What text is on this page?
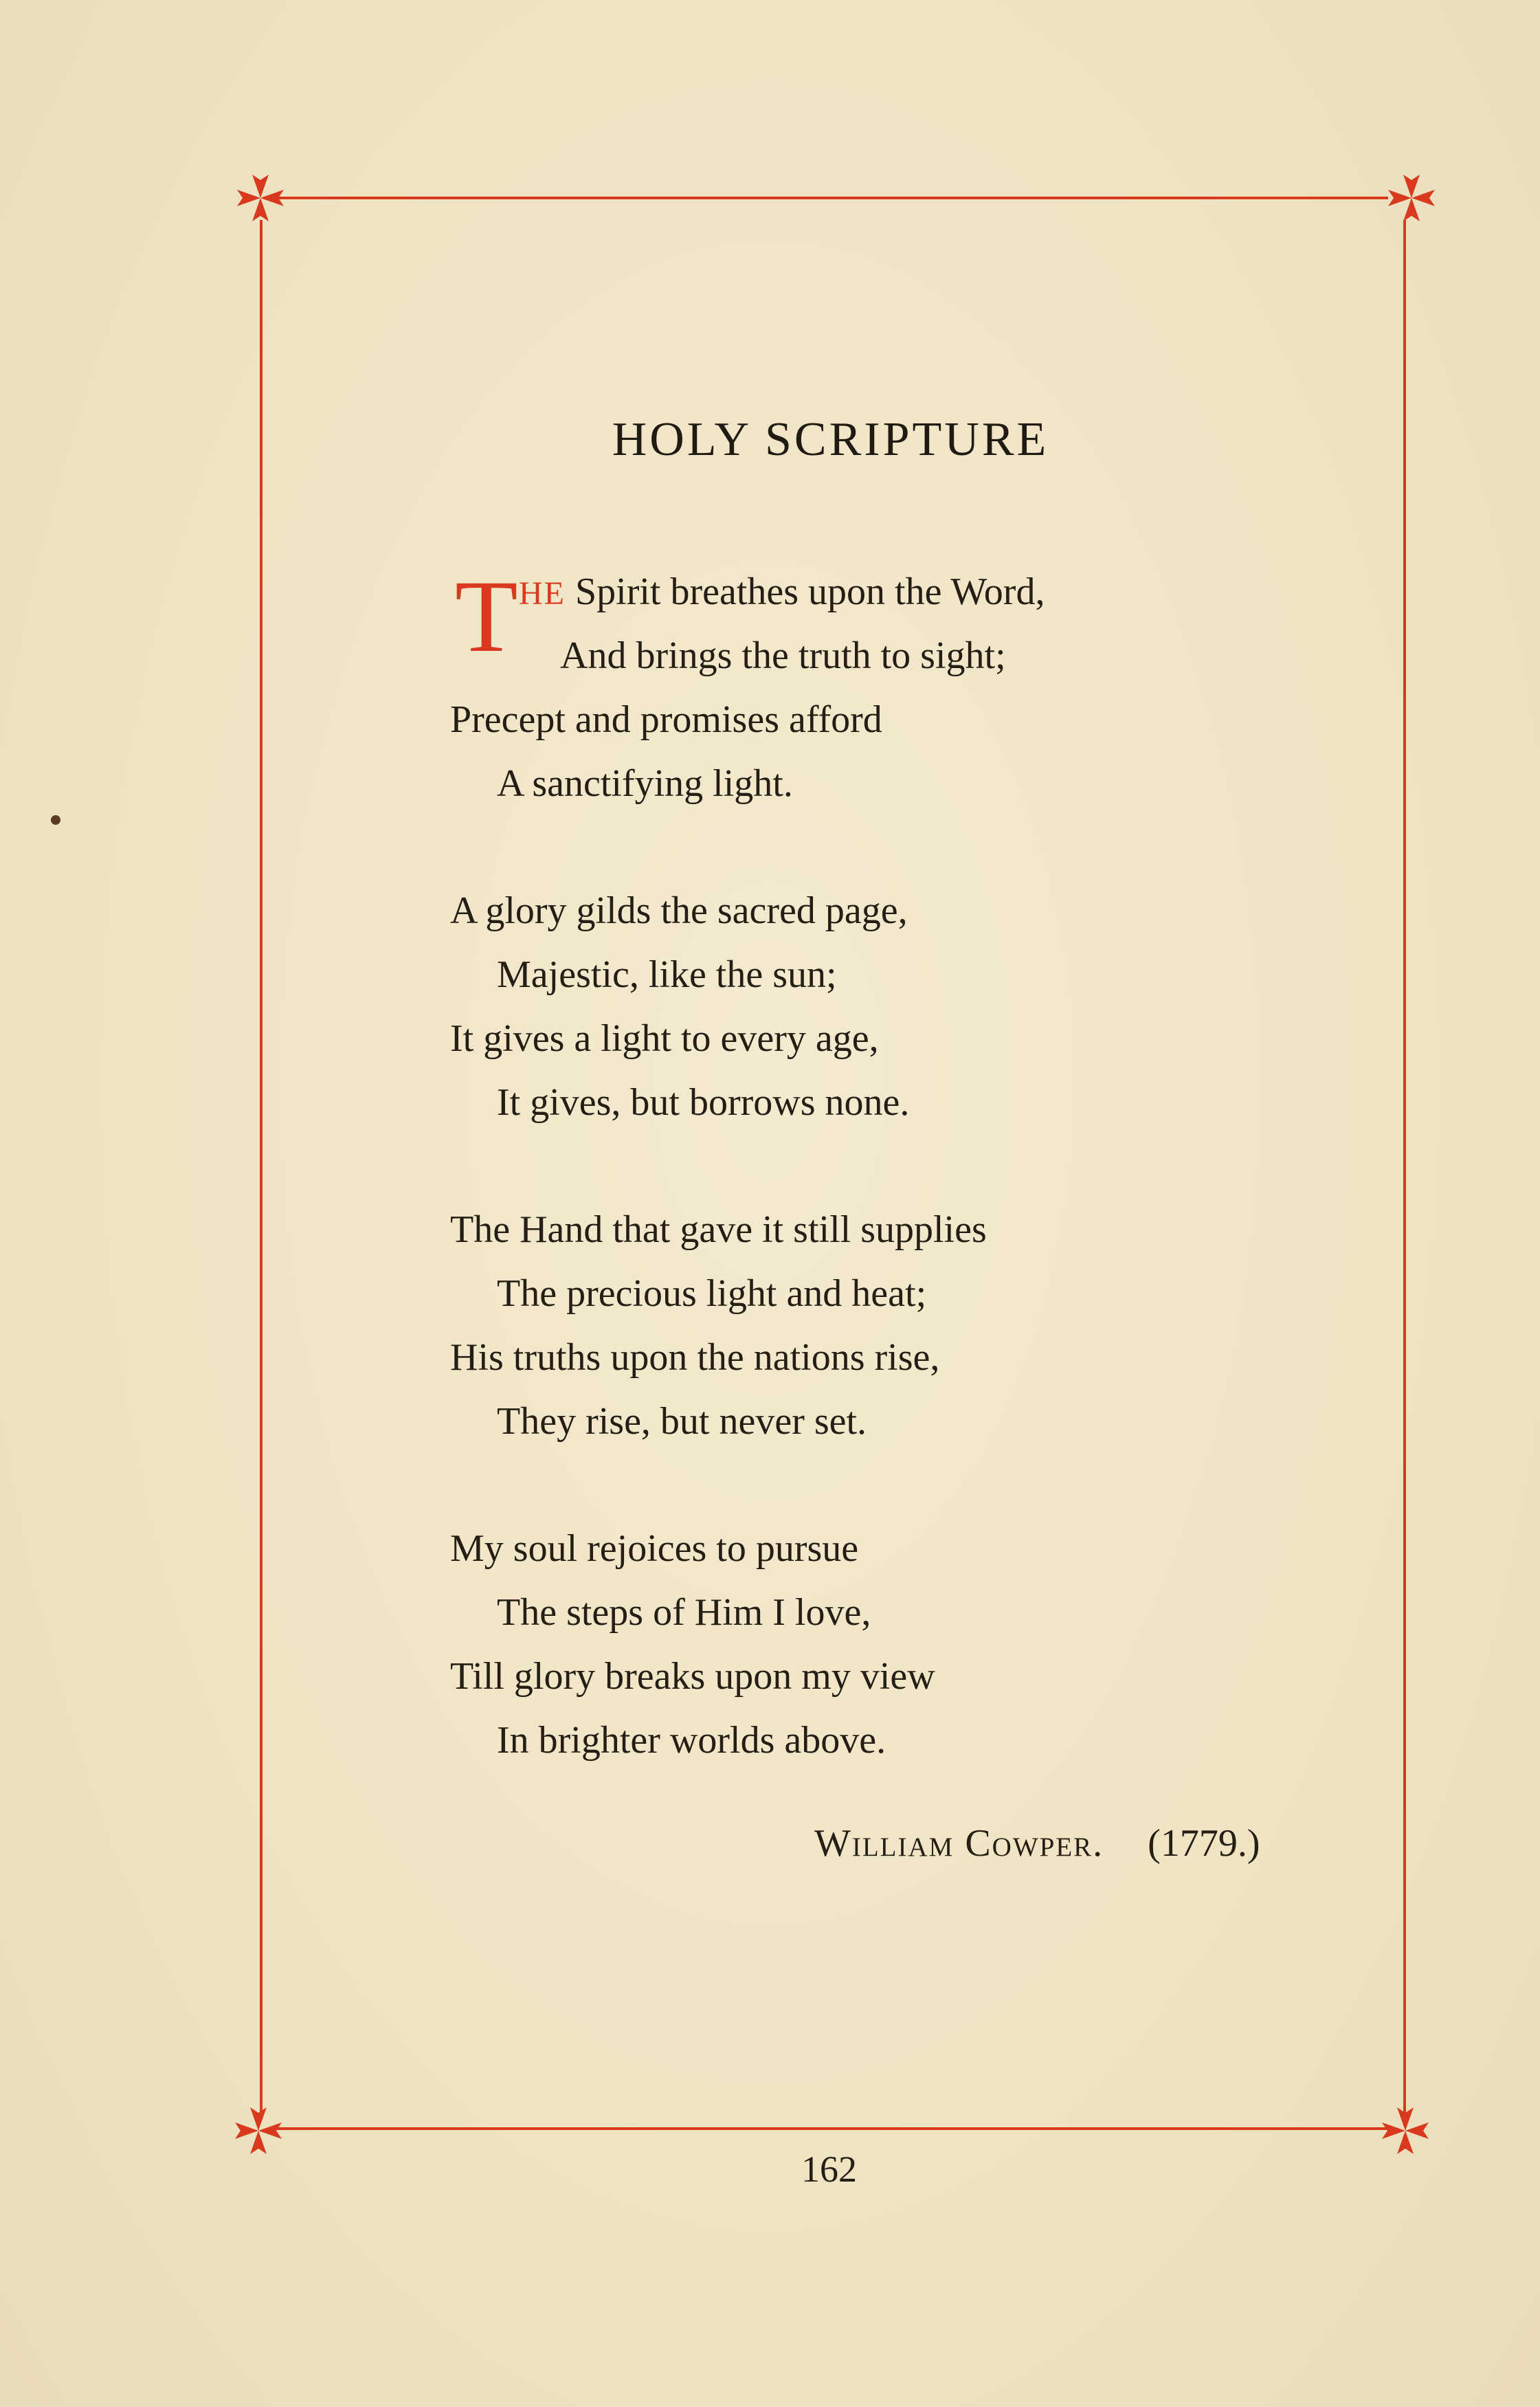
HOLY SCRIPTURE
T HE Spirit breathes upon the Word,
And brings the truth to sight;
Precept and promises afford
A sanctifying light.
A glory gilds the sacred page,
Majestic, like the sun;
It gives a light to every age,
It gives, but borrows none.
The Hand that gave it still supplies
The precious light and heat;
His truths upon the nations rise,
They rise, but never set.
My soul rejoices to pursue
The steps of Him I love,
Till glory breaks upon my view
In brighter worlds above.
William Cowper. (1779.)
162
